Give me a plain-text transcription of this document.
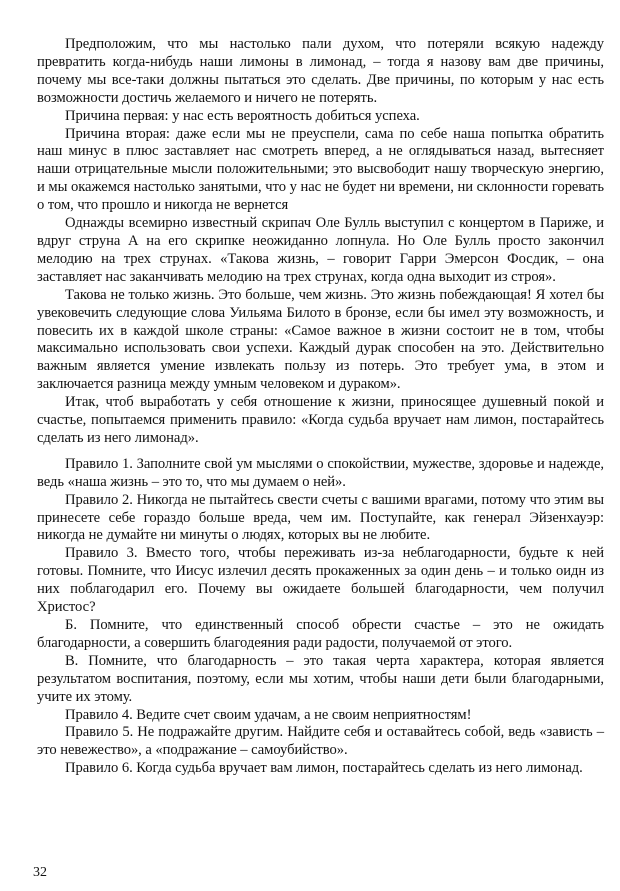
Предположим, что мы настолько пали духом, что потеряли всякую надежду превратить когда-нибудь наши лимоны в лимонад, – тогда я назову вам две причины, почему мы все-таки должны пытаться это сделать. Две причины, по которым у нас есть возможности достичь желаемого и ничего не потерять.

Причина первая: у нас есть вероятность добиться успеха.

Причина вторая: даже если мы не преуспели, сама по себе наша попытка обратить наш минус в плюс заставляет нас смотреть вперед, а не оглядываться назад, вытесняет наши отрицательные мысли положительными; это высвободит нашу творческую энергию, и мы окажемся настолько занятыми, что у нас не будет ни времени, ни склонности горевать о том, что прошло и никогда не вернется

Однажды всемирно известный скрипач Оле Булль выступил с концертом в Париже, и вдруг струна А на его скрипке неожиданно лопнула. Но Оле Булль просто закончил мелодию на трех струнах. «Такова жизнь, – говорит Гарри Эмерсон Фосдик, – она заставляет нас заканчивать мелодию на трех струнах, когда одна выходит из строя».

Такова не только жизнь. Это больше, чем жизнь. Это жизнь побеждающая! Я хотел бы увековечить следующие слова Уильяма Билото в бронзе, если бы имел эту возможность, и повесить их в каждой школе страны: «Самое важное в жизни состоит не в том, чтобы максимально использовать свои успехи. Каждый дурак способен на это. Действительно важным является умение извлекать пользу из потерь. Это требует ума, в этом и заключается разница между умным человеком и дураком».

Итак, чтоб выработать у себя отношение к жизни, приносящее душевный покой и счастье, попытаемся применить правило: «Когда судьба вручает нам лимон, постарайтесь сделать из него лимонад».

Правило 1. Заполните свой ум мыслями о спокойствии, мужестве, здоровье и надежде, ведь «наша жизнь – это то, что мы думаем о ней».

Правило 2. Никогда не пытайтесь свести счеты с вашими врагами, потому что этим вы принесете себе гораздо больше вреда, чем им. Поступайте, как генерал Эйзенхауэр: никогда не думайте ни минуты о людях, которых вы не любите.

Правило 3. Вместо того, чтобы переживать из-за неблагодарности, будьте к ней готовы. Помните, что Иисус излечил десять прокаженных за один день – и только оидн из них поблагодарил его. Почему вы ожидаете большей благодарности, чем получил Христос?

Б. Помните, что единственный способ обрести счастье – это не ожидать благодарности, а совершить благодеяния ради радости, получаемой от этого.

В. Помните, что благодарность – это такая черта характера, которая является результатом воспитания, поэтому, если мы хотим, чтобы наши дети были благодарными, учите их этому.

Правило 4. Ведите счет своим удачам, а не своим неприятностям!

Правило 5. Не подражайте другим. Найдите себя и оставайтесь собой, ведь «зависть – это невежество», а «подражание – самоубийство».

Правило 6. Когда судьба вручает вам лимон, постарайтесь сделать из него лимонад.

32
